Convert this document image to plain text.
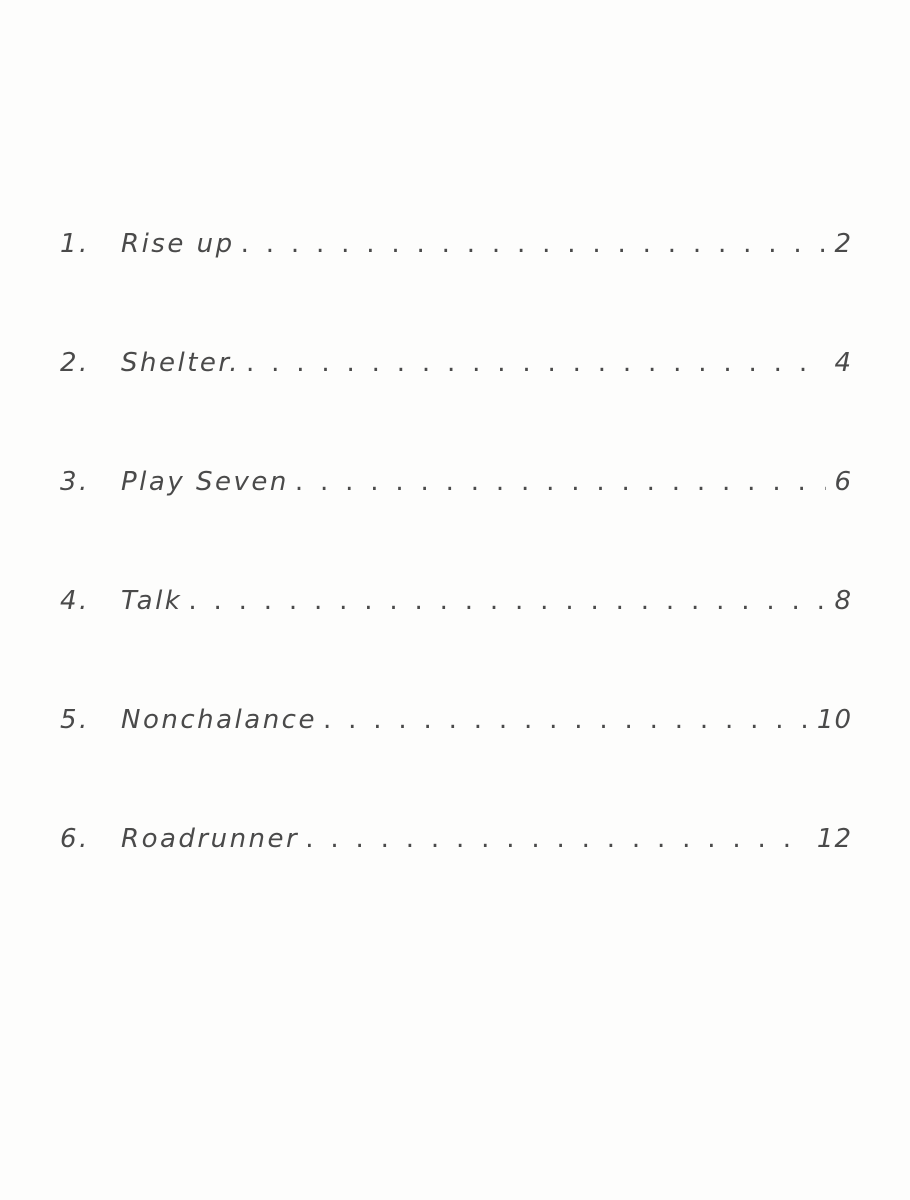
1.	Rise up . . .	2
2.	Shelter. . . .	4
3.	Play Seven . . .	6
4.	Talk . . .	8
5.	Nonchalance . . .	10
6.	Roadrunner . . .	12
